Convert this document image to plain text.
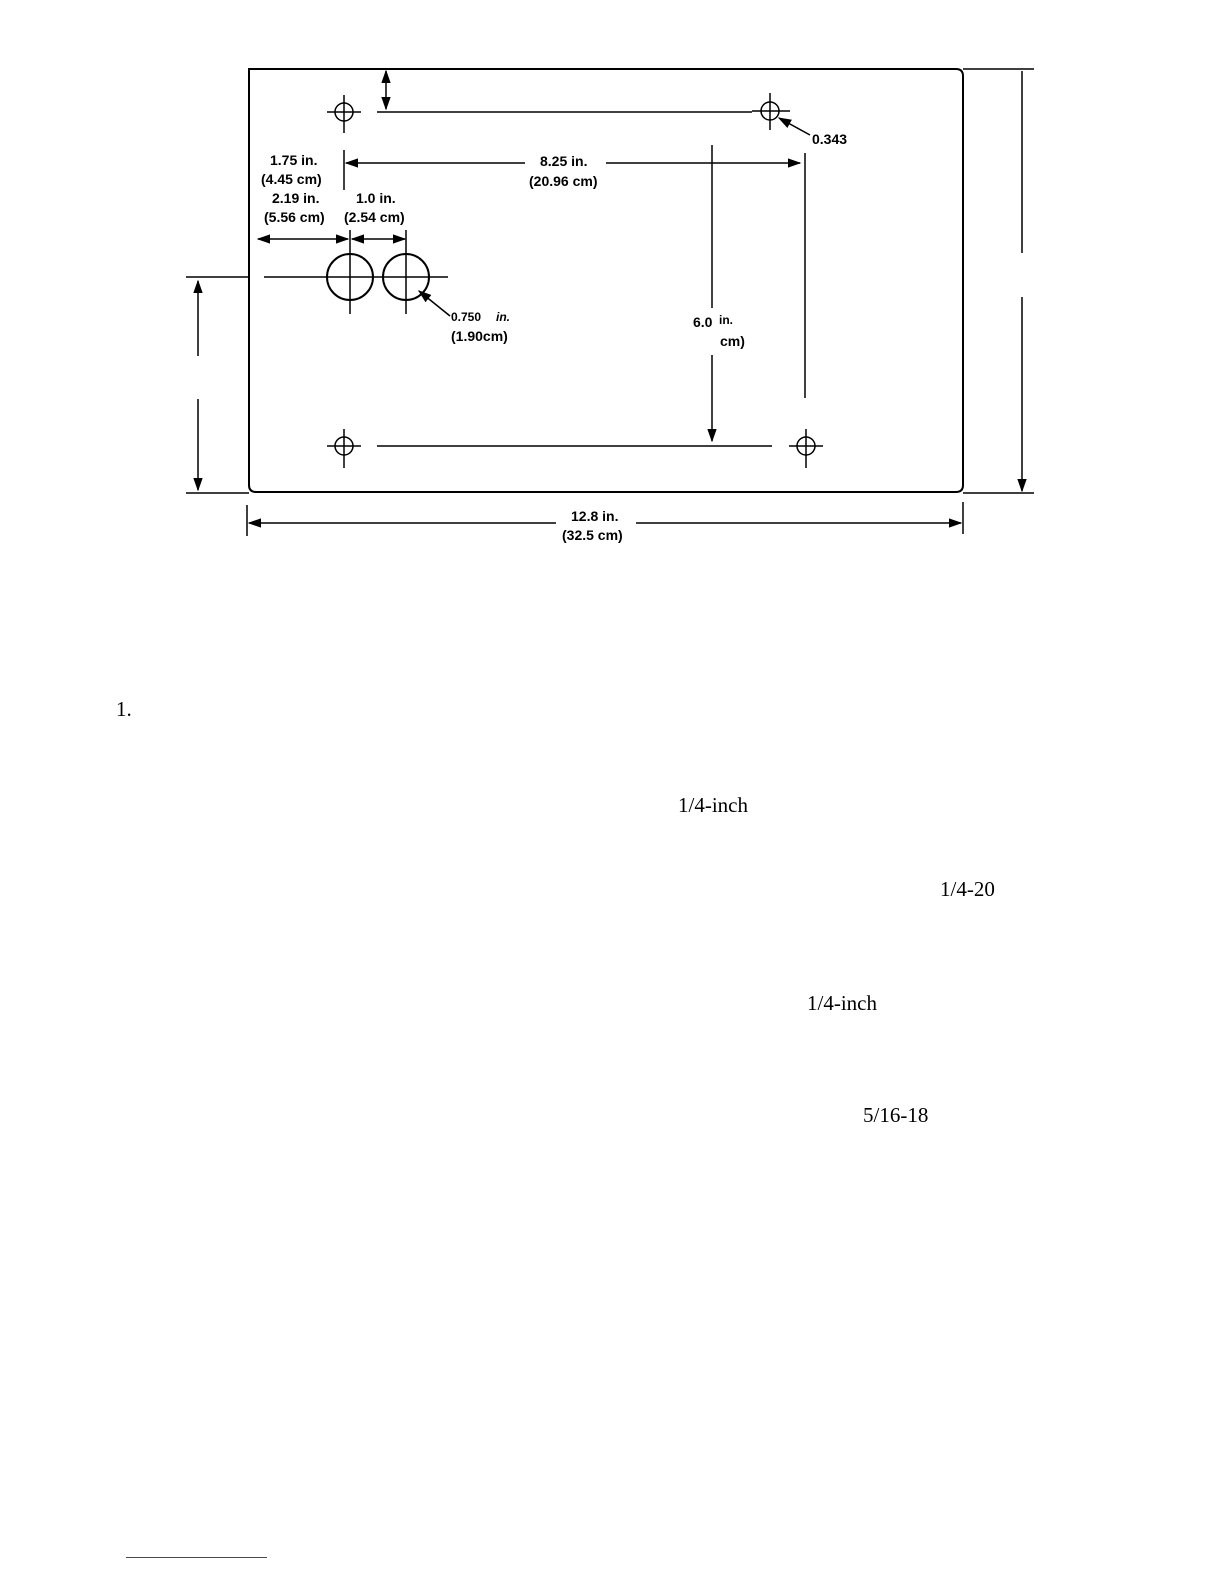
0.343
1.75 in.
(4.45 cm)
8.25 in.
(20.96 cm)
2.19 in.
(5.56 cm)
1.0 in.
(2.54 cm)
0.750 in.
(1.90cm)
6.0 in.
cm)
12.8 in.
(32.5 cm)
1.
1/4-inch
1/4-20
1/4-inch
5/16-18
